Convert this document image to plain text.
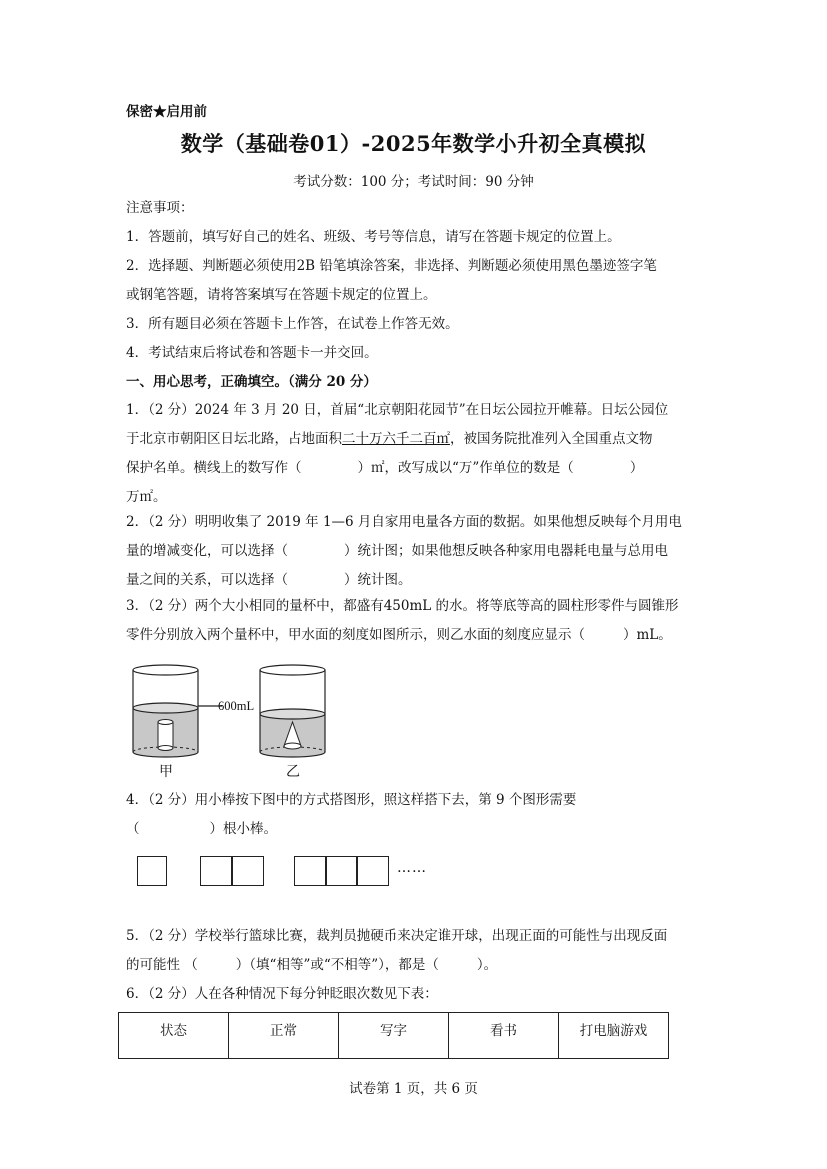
保密★启用前
数学（基础卷01）-2025年数学小升初全真模拟
考试分数：100 分；考试时间：90 分钟
注意事项：
1．答题前，填写好自己的姓名、班级、考号等信息，请写在答题卡规定的位置上。
2．选择题、判断题必须使用2B 铅笔填涂答案，非选择、判断题必须使用黑色墨迹签字笔
或钢笔答题，请将答案填写在答题卡规定的位置上。
3．所有题目必须在答题卡上作答，在试卷上作答无效。
4．考试结束后将试卷和答题卡一并交回。
一、用心思考，正确填空。（满分 20 分）
1．（2 分）2024 年 3 月 20 日，首届“北京朝阳花园节”在日坛公园拉开帷幕。日坛公园位
于北京市朝阳区日坛北路，占地面积二十万六千二百㎡，被国务院批准列入全国重点文物
保护名单。横线上的数写作（	）㎡，改写成以“万”作单位的数是（	）
万㎡。
2．（2 分）明明收集了 2019 年 1—6 月自家用电量各方面的数据。如果他想反映每个月用电
量的增减变化，可以选择（	）统计图；如果他想反映各种家用电器耗电量与总用电
量之间的关系，可以选择（	）统计图。
3．（2 分）两个大小相同的量杯中，都盛有450mL 的水。将等底等高的圆柱形零件与圆锥形
零件分别放入两个量杯中，甲水面的刻度如图所示，则乙水面的刻度应显示（	）mL。
600mL
甲	乙
4．（2 分）用小棒按下图中的方式搭图形，照这样搭下去，第 9 个图形需要
（	）根小棒。
……
5．（2 分）学校举行篮球比赛，裁判员抛硬币来决定谁开球，出现正面的可能性与出现反面
的可能性 （	）（填“相等”或“不相等”），都是（	）。
6．（2 分）人在各种情况下每分钟眨眼次数见下表：
状态	正常	写字	看书	打电脑游戏
试卷第 1 页，共 6 页
